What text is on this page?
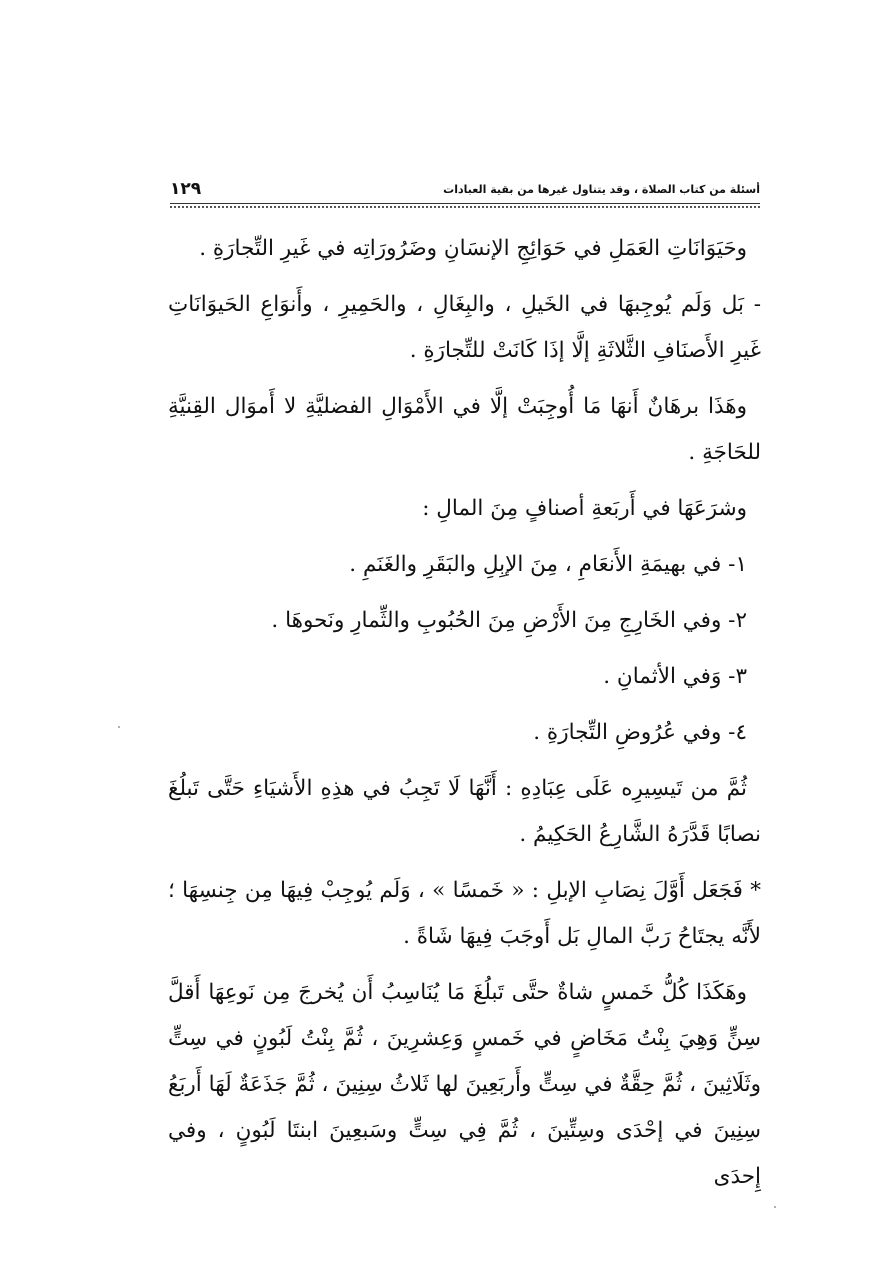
أسئلة من كتاب الصلاة ، وقد يتناول غيرها من بقية العبادات
١٢٩

وحَيَوَانَاتِ العَمَلِ في حَوَائِجِ الإنسَانِ وضَرُورَاتِه في غَيرِ التِّجارَةِ .

- بَل وَلَم يُوجِبهَا في الخَيلِ ، والبِغَالِ ، والحَمِيرِ ، وأَنوَاعِ الحَيوَانَاتِ غَيرِ الأَصنَافِ الثَّلاثَةِ إلَّا إذَا كَانَتْ للتِّجارَةِ .

وهَذَا برهَانٌ أَنهَا مَا أُوجِبَتْ إلَّا في الأَمْوَالِ الفضليَّةِ لا أَموَال القِنيَّةِ للحَاجَةِ .

وشرَعَهَا في أَربَعةِ أصنافٍ مِنَ المالِ :

١- في بهيمَةِ الأَنعَامِ ، مِنَ الإبِلِ والبَقَرِ والغَنَمِ .

٢- وفي الخَارِجِ مِنَ الأَرْضِ مِنَ الحُبُوبِ والثِّمارِ ونَحوهَا .

٣- وَفي الأثمانِ .

٤- وفي عُرُوضِ التِّجارَةِ .

ثُمَّ من تَيسِيرِه عَلَى عِبَادِهِ : أَنَّهَا لَا تَجِبُ في هذِهِ الأَشيَاءِ حَتَّى تَبلُغَ نصابًا قَدَّرَهُ الشَّارِعُ الحَكِيمُ .

* فَجَعَل أَوَّلَ نِصَابِ الإبلِ : « خَمسًا » ، وَلَم يُوجِبْ فِيهَا مِن جِنسِهَا ؛ لأَنَّه يجتَاحُ رَبَّ المالِ بَل أَوجَبَ فِيهَا شَاةً .

وهَكَذَا كُلُّ خَمسٍ شاةٌ حتَّى تَبلُغَ مَا يُنَاسِبُ أَن يُخرجَ مِن نَوعِهَا أَقلَّ سِنٍّ وَهِيَ بِنْتُ مَخَاضٍ في خَمسٍ وَعِشرِينَ ، ثُمَّ بِنْتُ لَبُونٍ في سِتٍّ وثَلَاثِينَ ، ثُمَّ حِقَّةٌ في سِتٍّ وأَربَعِينَ لها ثَلاثُ سِنِينَ ، ثُمَّ جَذَعَةٌ لَهَا أَربَعُ سِنِينَ في إحْدَى وسِتِّينَ ، ثُمَّ فِي سِتٍّ وسَبعِينَ ابنتَا لَبُونٍ ، وفي إِحدَى
